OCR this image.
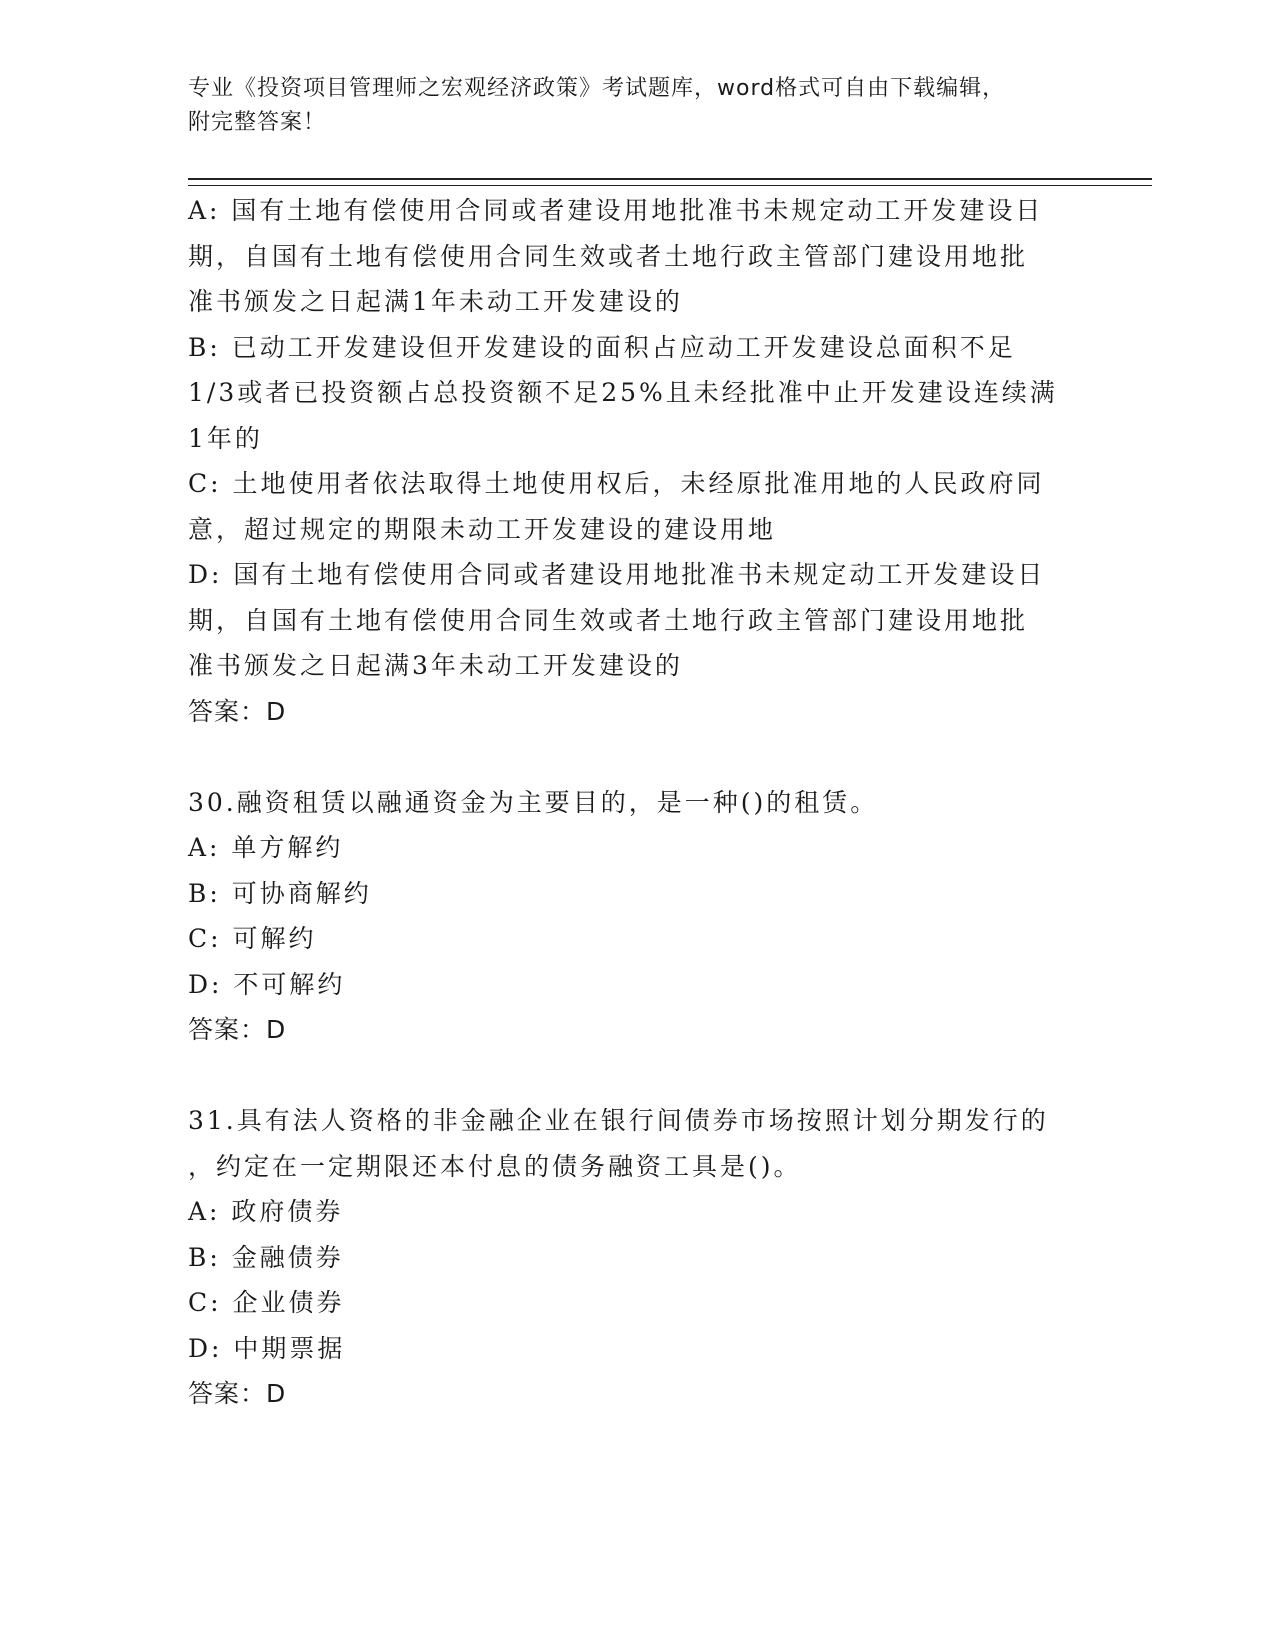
专业《投资项目管理师之宏观经济政策》考试题库，word格式可自由下载编辑，
附完整答案！
A: 国有土地有偿使用合同或者建设用地批准书未规定动工开发建设日
期，自国有土地有偿使用合同生效或者土地行政主管部门建设用地批
准书颁发之日起满1年未动工开发建设的
B: 已动工开发建设但开发建设的面积占应动工开发建设总面积不足
1/3或者已投资额占总投资额不足25%且未经批准中止开发建设连续满
1年的
C: 土地使用者依法取得土地使用权后，未经原批准用地的人民政府同
意，超过规定的期限未动工开发建设的建设用地
D: 国有土地有偿使用合同或者建设用地批准书未规定动工开发建设日
期，自国有土地有偿使用合同生效或者土地行政主管部门建设用地批
准书颁发之日起满3年未动工开发建设的
答案：D
30.融资租赁以融通资金为主要目的，是一种()的租赁。
A: 单方解约
B: 可协商解约
C: 可解约
D: 不可解约
答案：D
31.具有法人资格的非金融企业在银行间债券市场按照计划分期发行的
，约定在一定期限还本付息的债务融资工具是()。
A: 政府债券
B: 金融债券
C: 企业债券
D: 中期票据
答案：D
